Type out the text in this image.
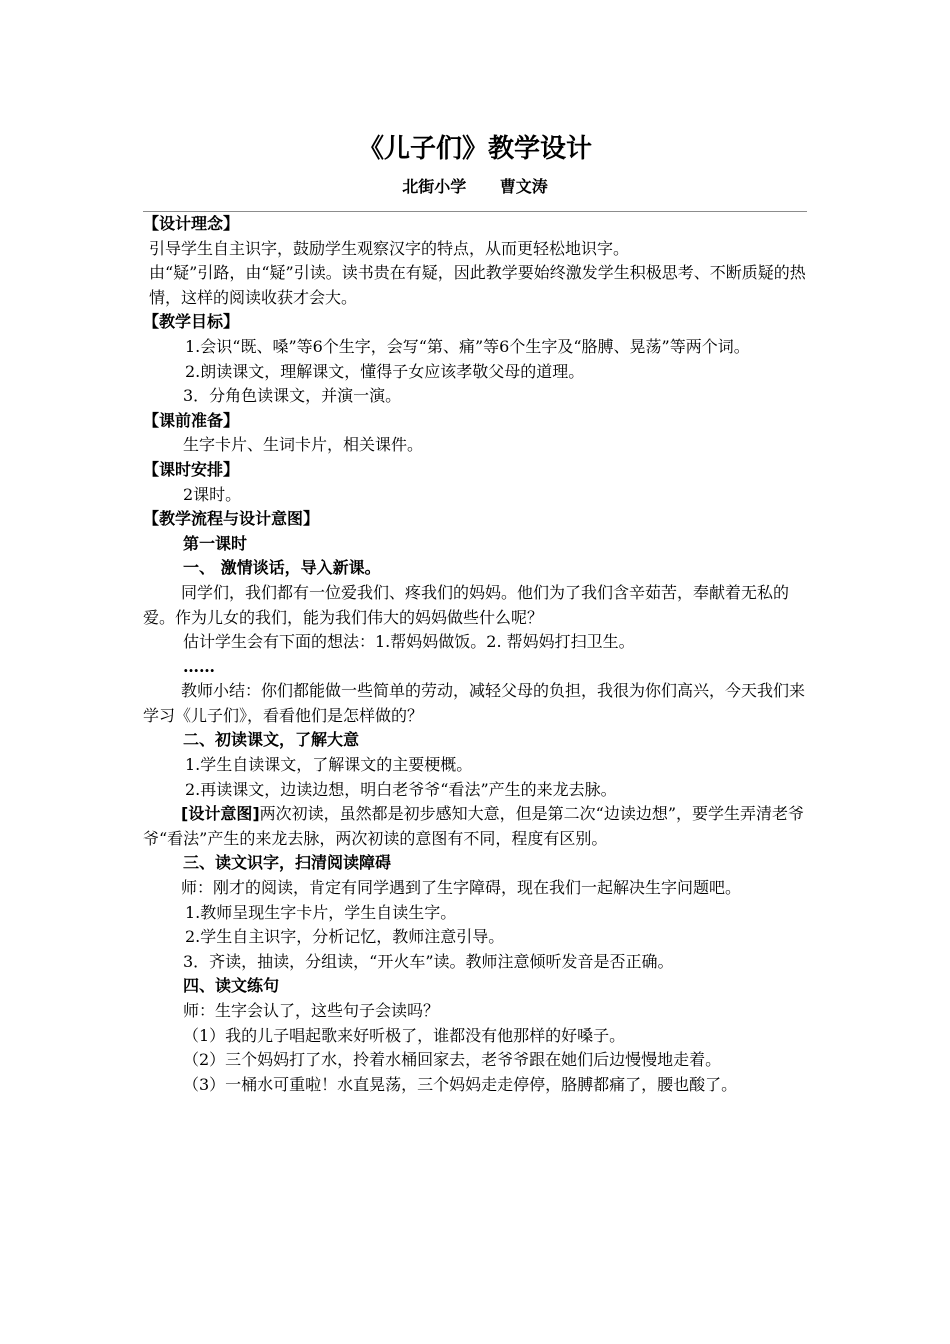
《儿子们》教学设计
北街小学      曹文涛

【设计理念】

引导学生自主识字，鼓励学生观察汉字的特点，从而更轻松地识字。

由“疑”引路，由“疑”引读。读书贵在有疑，因此教学要始终激发学生积极思考、不断质疑的热情，这样的阅读收获才会大。

【教学目标】

1.会识“既、嗓”等6个生字，会写“第、痛”等6个生字及“胳膊、晃荡”等两个词。

2.朗读课文，理解课文，懂得子女应该孝敬父母的道理。

3．分角色读课文，并演一演。

【课前准备】

生字卡片、生词卡片，相关课件。

【课时安排】

2课时。

【教学流程与设计意图】

第一课时

一、 激情谈话，导入新课。

同学们，我们都有一位爱我们、疼我们的妈妈。他们为了我们含辛茹苦，奉献着无私的爱。作为儿女的我们，能为我们伟大的妈妈做些什么呢？

估计学生会有下面的想法：1.帮妈妈做饭。2. 帮妈妈打扫卫生。

……

教师小结：你们都能做一些简单的劳动，减轻父母的负担，我很为你们高兴，今天我们来学习《儿子们》，看看他们是怎样做的？

二、初读课文，了解大意

1.学生自读课文，了解课文的主要梗概。

2.再读课文，边读边想，明白老爷爷“看法”产生的来龙去脉。

[设计意图]两次初读，虽然都是初步感知大意，但是第二次“边读边想”，要学生弄清老爷爷“看法”产生的来龙去脉，两次初读的意图有不同，程度有区别。

三、读文识字，扫清阅读障碍

师：刚才的阅读，肯定有同学遇到了生字障碍，现在我们一起解决生字问题吧。

1.教师呈现生字卡片，学生自读生字。

2.学生自主识字，分析记忆，教师注意引导。

3．齐读，抽读，分组读，“开火车”读。教师注意倾听发音是否正确。

四、读文练句

师：生字会认了，这些句子会读吗？

（1）我的儿子唱起歌来好听极了，谁都没有他那样的好嗓子。

（2）三个妈妈打了水，拎着水桶回家去，老爷爷跟在她们后边慢慢地走着。

（3）一桶水可重啦！水直晃荡，三个妈妈走走停停，胳膊都痛了，腰也酸了。
